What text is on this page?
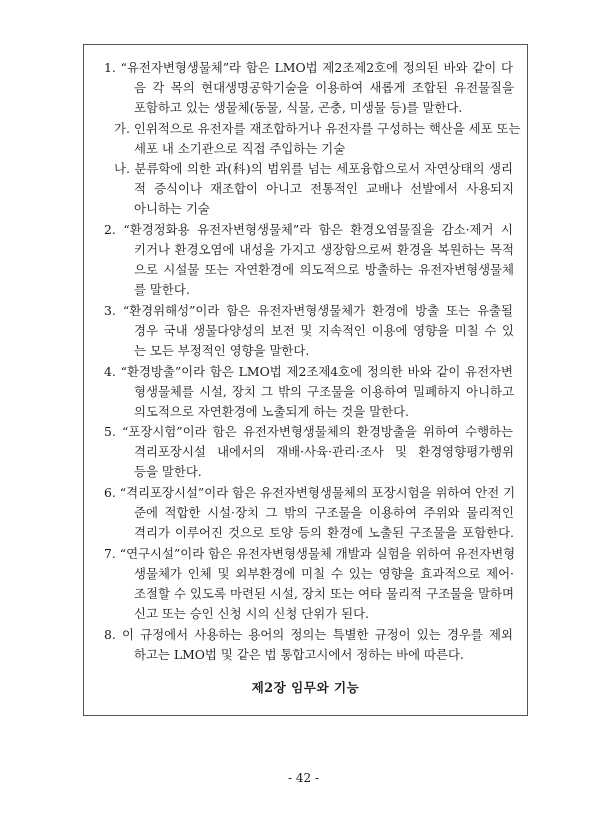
1. “유전자변형생물체”라 함은 LMO법 제2조제2호에 정의된 바와 같이 다
음 각 목의 현대생명공학기술을 이용하여 새롭게 조합된 유전물질을
포함하고 있는 생물체(동물, 식물, 곤충, 미생물 등)를 말한다.
가. 인위적으로 유전자를 재조합하거나 유전자를 구성하는 핵산을 세포 또는
세포 내 소기관으로 직접 주입하는 기술
나. 분류학에 의한 과(科)의 범위를 넘는 세포융합으로서 자연상태의 생리
적 증식이나 재조합이 아니고 전통적인 교배나 선발에서 사용되지
아니하는 기술
2. “환경정화용 유전자변형생물체”라 함은 환경오염물질을 감소·제거 시
키거나 환경오염에 내성을 가지고 생장함으로써 환경을 복원하는 목적
으로 시설물 또는 자연환경에 의도적으로 방출하는 유전자변형생물체
를 말한다.
3. “환경위해성”이라 함은 유전자변형생물체가 환경에 방출 또는 유출될
경우 국내 생물다양성의 보전 및 지속적인 이용에 영향을 미칠 수 있
는 모든 부정적인 영향을 말한다.
4. “환경방출”이라 함은 LMO법 제2조제4호에 정의한 바와 같이 유전자변
형생물체를 시설, 장치 그 밖의 구조물을 이용하여 밀폐하지 아니하고
의도적으로 자연환경에 노출되게 하는 것을 말한다.
5. “포장시험”이라 함은 유전자변형생물체의 환경방출을 위하여 수행하는
격리포장시설 내에서의 재배·사육·관리·조사 및 환경영향평가행위
등을 말한다.
6. “격리포장시설”이라 함은 유전자변형생물체의 포장시험을 위하여 안전 기
준에 적합한 시설·장치 그 밖의 구조물을 이용하여 주위와 물리적인
격리가 이루어진 것으로 토양 등의 환경에 노출된 구조물을 포함한다.
7. “연구시설”이라 함은 유전자변형생물체 개발과 실험을 위하여 유전자변형
생물체가 인체 및 외부환경에 미칠 수 있는 영향을 효과적으로 제어·
조절할 수 있도록 마련된 시설, 장치 또는 여타 물리적 구조물을 말하며
신고 또는 승인 신청 시의 신청 단위가 된다.
8. 이 규정에서 사용하는 용어의 정의는 특별한 규정이 있는 경우를 제외
하고는 LMO법 및 같은 법 통합고시에서 정하는 바에 따른다.
제2장 임무와 기능
- 42 -
